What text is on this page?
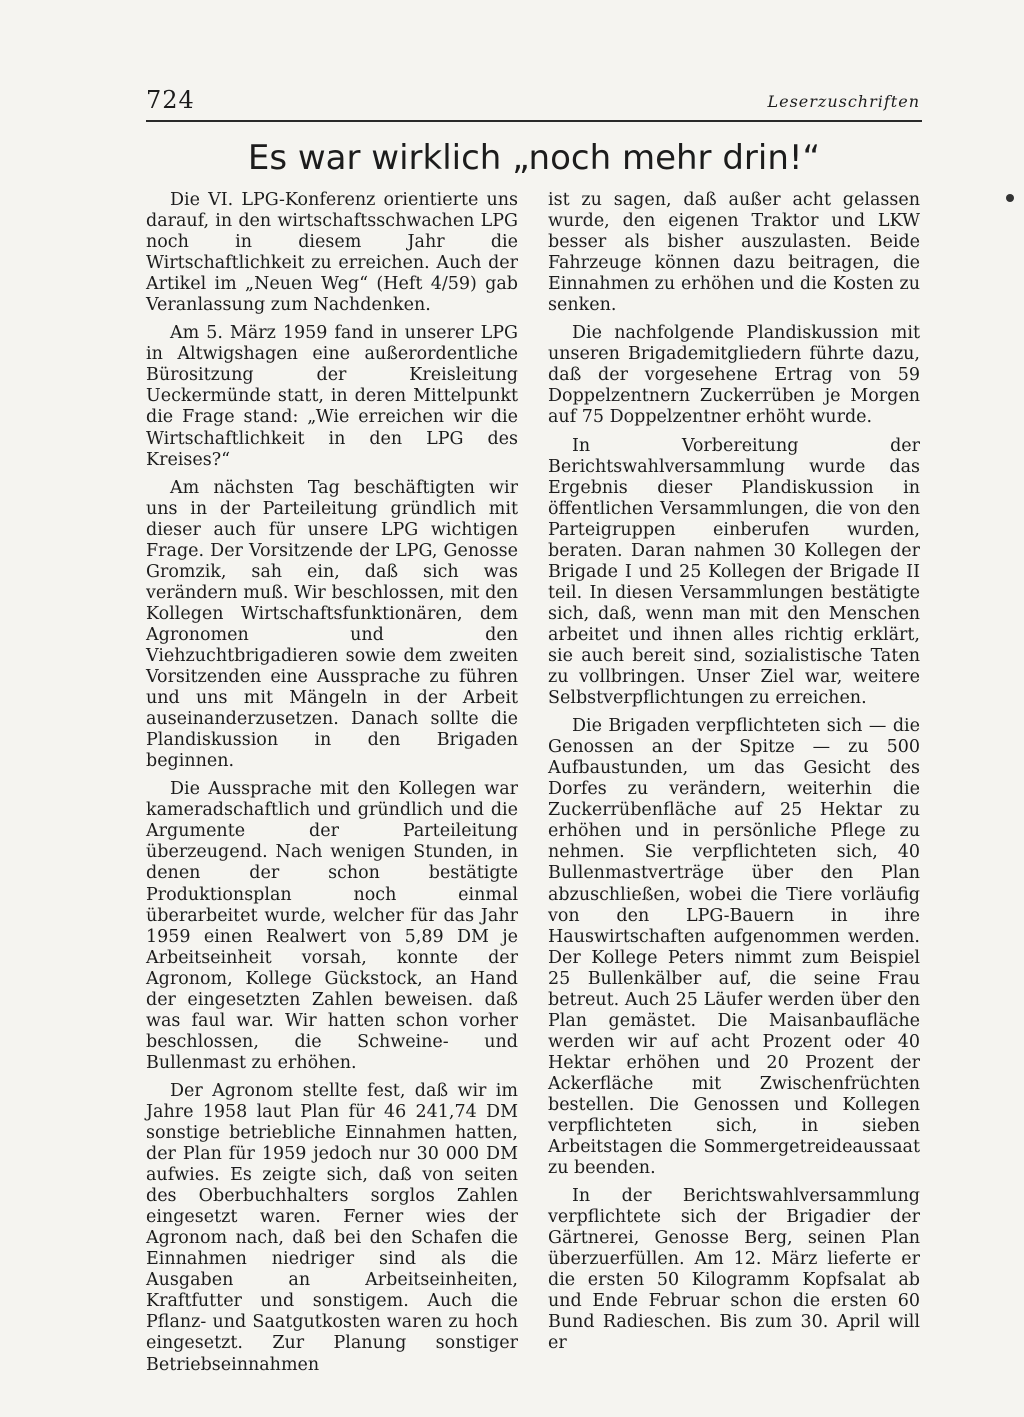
724	Leserzuschriften
Es war wirklich „noch mehr drin!“

Die VI. LPG-Konferenz orientierte uns darauf, in den wirtschaftsschwachen LPG noch in diesem Jahr die Wirtschaftlichkeit zu erreichen. Auch der Artikel im „Neuen Weg“ (Heft 4/59) gab Veranlassung zum Nachdenken.

Am 5. März 1959 fand in unserer LPG in Altwigshagen eine außerordentliche Bürositzung der Kreisleitung Ueckermünde statt, in deren Mittelpunkt die Frage stand: „Wie erreichen wir die Wirtschaftlichkeit in den LPG des Kreises?“

Am nächsten Tag beschäftigten wir uns in der Parteileitung gründlich mit dieser auch für unsere LPG wichtigen Frage. Der Vorsitzende der LPG, Genosse Gromzik, sah ein, daß sich was verändern muß. Wir beschlossen, mit den Kollegen Wirtschaftsfunktionären, dem Agronomen und den Viehzuchtbrigadieren sowie dem zweiten Vorsitzenden eine Aussprache zu führen und uns mit Mängeln in der Arbeit auseinanderzusetzen. Danach sollte die Plandiskussion in den Brigaden beginnen.

Die Aussprache mit den Kollegen war kameradschaftlich und gründlich und die Argumente der Parteileitung überzeugend. Nach wenigen Stunden, in denen der schon bestätigte Produktionsplan noch einmal überarbeitet wurde, welcher für das Jahr 1959 einen Realwert von 5,89 DM je Arbeitseinheit vorsah, konnte der Agronom, Kollege Gückstock, an Hand der eingesetzten Zahlen beweisen. daß was faul war. Wir hatten schon vorher beschlossen, die Schweine- und Bullenmast zu erhöhen.

Der Agronom stellte fest, daß wir im Jahre 1958 laut Plan für 46 241,74 DM sonstige betriebliche Einnahmen hatten, der Plan für 1959 jedoch nur 30 000 DM aufwies. Es zeigte sich, daß von seiten des Oberbuchhalters sorglos Zahlen eingesetzt waren. Ferner wies der Agronom nach, daß bei den Schafen die Einnahmen niedriger sind als die Ausgaben an Arbeitseinheiten, Kraftfutter und sonstigem. Auch die Pflanz- und Saatgutkosten waren zu hoch eingesetzt. Zur Planung sonstiger Betriebseinnahmen

ist zu sagen, daß außer acht gelassen wurde, den eigenen Traktor und LKW besser als bisher auszulasten. Beide Fahrzeuge können dazu beitragen, die Einnahmen zu erhöhen und die Kosten zu senken.

Die nachfolgende Plandiskussion mit unseren Brigademitgliedern führte dazu, daß der vorgesehene Ertrag von 59 Doppelzentnern Zuckerrüben je Morgen auf 75 Doppelzentner erhöht wurde.

In Vorbereitung der Berichtswahlversammlung wurde das Ergebnis dieser Plandiskussion in öffentlichen Versammlungen, die von den Parteigruppen einberufen wurden, beraten. Daran nahmen 30 Kollegen der Brigade I und 25 Kollegen der Brigade II teil. In diesen Versammlungen bestätigte sich, daß, wenn man mit den Menschen arbeitet und ihnen alles richtig erklärt, sie auch bereit sind, sozialistische Taten zu vollbringen. Unser Ziel war, weitere Selbstverpflichtungen zu erreichen.

Die Brigaden verpflichteten sich — die Genossen an der Spitze — zu 500 Aufbaustunden, um das Gesicht des Dorfes zu verändern, weiterhin die Zuckerrübenfläche auf 25 Hektar zu erhöhen und in persönliche Pflege zu nehmen. Sie verpflichteten sich, 40 Bullenmastverträge über den Plan abzuschließen, wobei die Tiere vorläufig von den LPG-Bauern in ihre Hauswirtschaften aufgenommen werden. Der Kollege Peters nimmt zum Beispiel 25 Bullenkälber auf, die seine Frau betreut. Auch 25 Läufer werden über den Plan gemästet. Die Maisanbaufläche werden wir auf acht Prozent oder 40 Hektar erhöhen und 20 Prozent der Ackerfläche mit Zwischenfrüchten bestellen. Die Genossen und Kollegen verpflichteten sich, in sieben Arbeitstagen die Sommergetreideaussaat zu beenden.

In der Berichtswahlversammlung verpflichtete sich der Brigadier der Gärtnerei, Genosse Berg, seinen Plan überzuerfüllen. Am 12. März lieferte er die ersten 50 Kilogramm Kopfsalat ab und Ende Februar schon die ersten 60 Bund Radieschen. Bis zum 30. April will er
